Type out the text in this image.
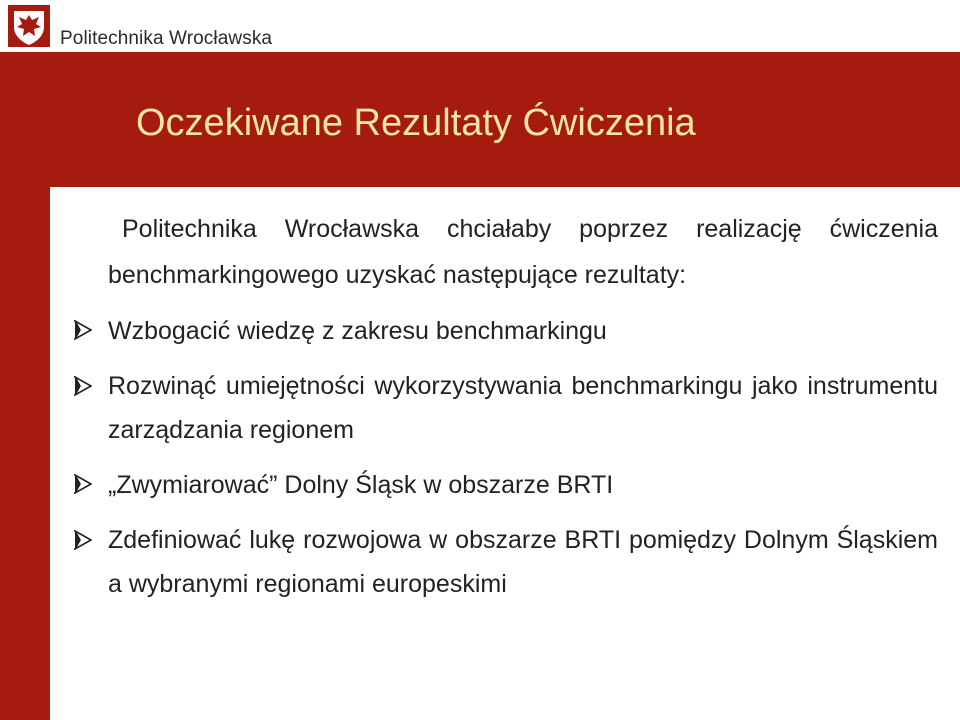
Politechnika Wrocławska
Oczekiwane Rezultaty Ćwiczenia

Politechnika Wrocławska chciałaby poprzez realizację ćwiczenia benchmarkingowego uzyskać następujące rezultaty:

Wzbogacić wiedzę z zakresu benchmarkingu
Rozwinąć umiejętności wykorzystywania benchmarkingu jako instrumentu zarządzania regionem
„Zwymiarować” Dolny Śląsk w obszarze BRTI
Zdefiniować lukę rozwojowa w obszarze BRTI pomiędzy Dolnym Śląskiem a wybranymi regionami europeskimi
